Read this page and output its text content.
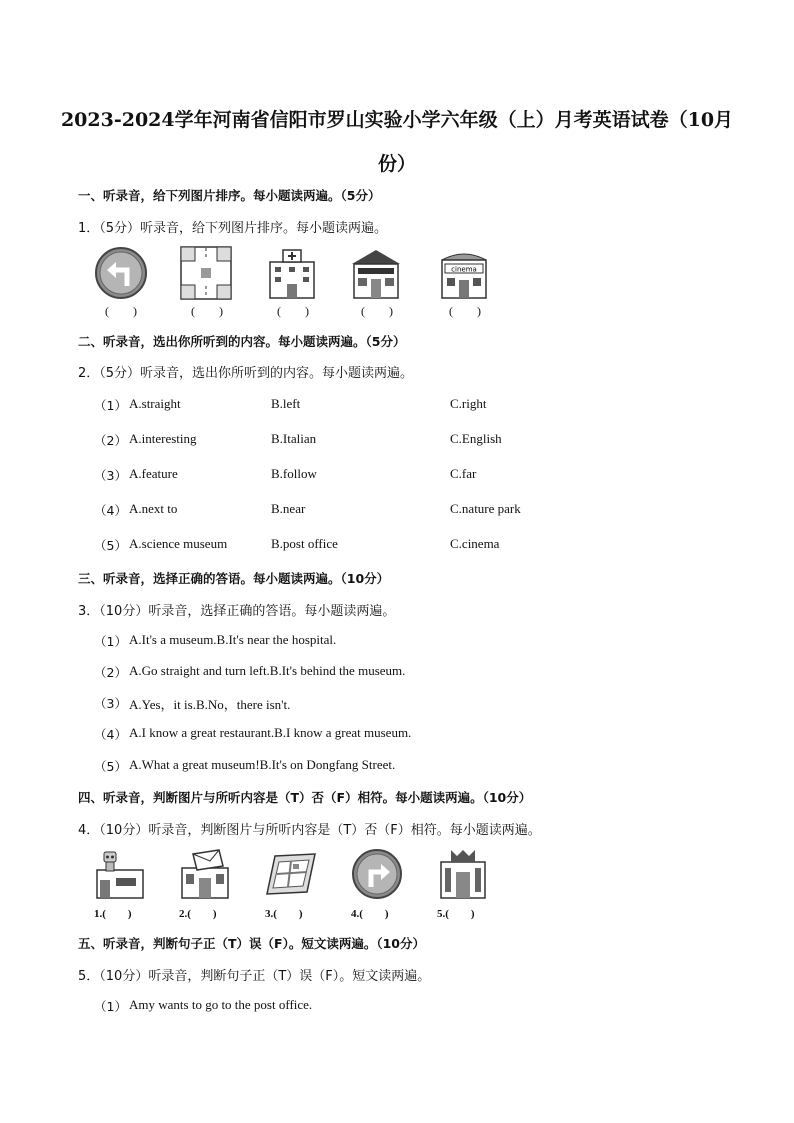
2023-2024学年河南省信阳市罗山实验小学六年级（上）月考英语试卷（10月份）
一、听录音，给下列图片排序。每小题读两遍。（5分）
1．（5分）听录音，给下列图片排序。每小题读两遍。
cinema
(　　)	(　　)	(　　)	(　　)	(　　)
二、听录音，选出你所听到的内容。每小题读两遍。（5分）
2．（5分）听录音，选出你所听到的内容。每小题读两遍。
（1） A.straight	B.left	C.right
（2） A.interesting	B.Italian	C.English
（3） A.feature	B.follow	C.far
（4） A.next to	B.near	C.nature park
（5） A.science museum	B.post office	C.cinema
三、听录音，选择正确的答语。每小题读两遍。（10分）
3．（10分）听录音，选择正确的答语。每小题读两遍。
（1） A.It's a museum.B.It's near the hospital.
（2） A.Go straight and turn left.B.It's behind the museum.
（3） A.Yes，it is.B.No，there isn't.
（4） A.I know a great restaurant.B.I know a great museum.
（5） A.What a great museum!B.It's on Dongfang Street.
四、听录音，判断图片与所听内容是（T）否（F）相符。每小题读两遍。（10分）
4．（10分）听录音，判断图片与所听内容是（T）否（F）相符。每小题读两遍。
1.(　　)	2.(　　)	3.(　　)	4.(　　)	5.(　　)
五、听录音，判断句子正（T）误（F）。短文读两遍。（10分）
5．（10分）听录音，判断句子正（T）误（F）。短文读两遍。
（1） Amy wants to go to the post office.
